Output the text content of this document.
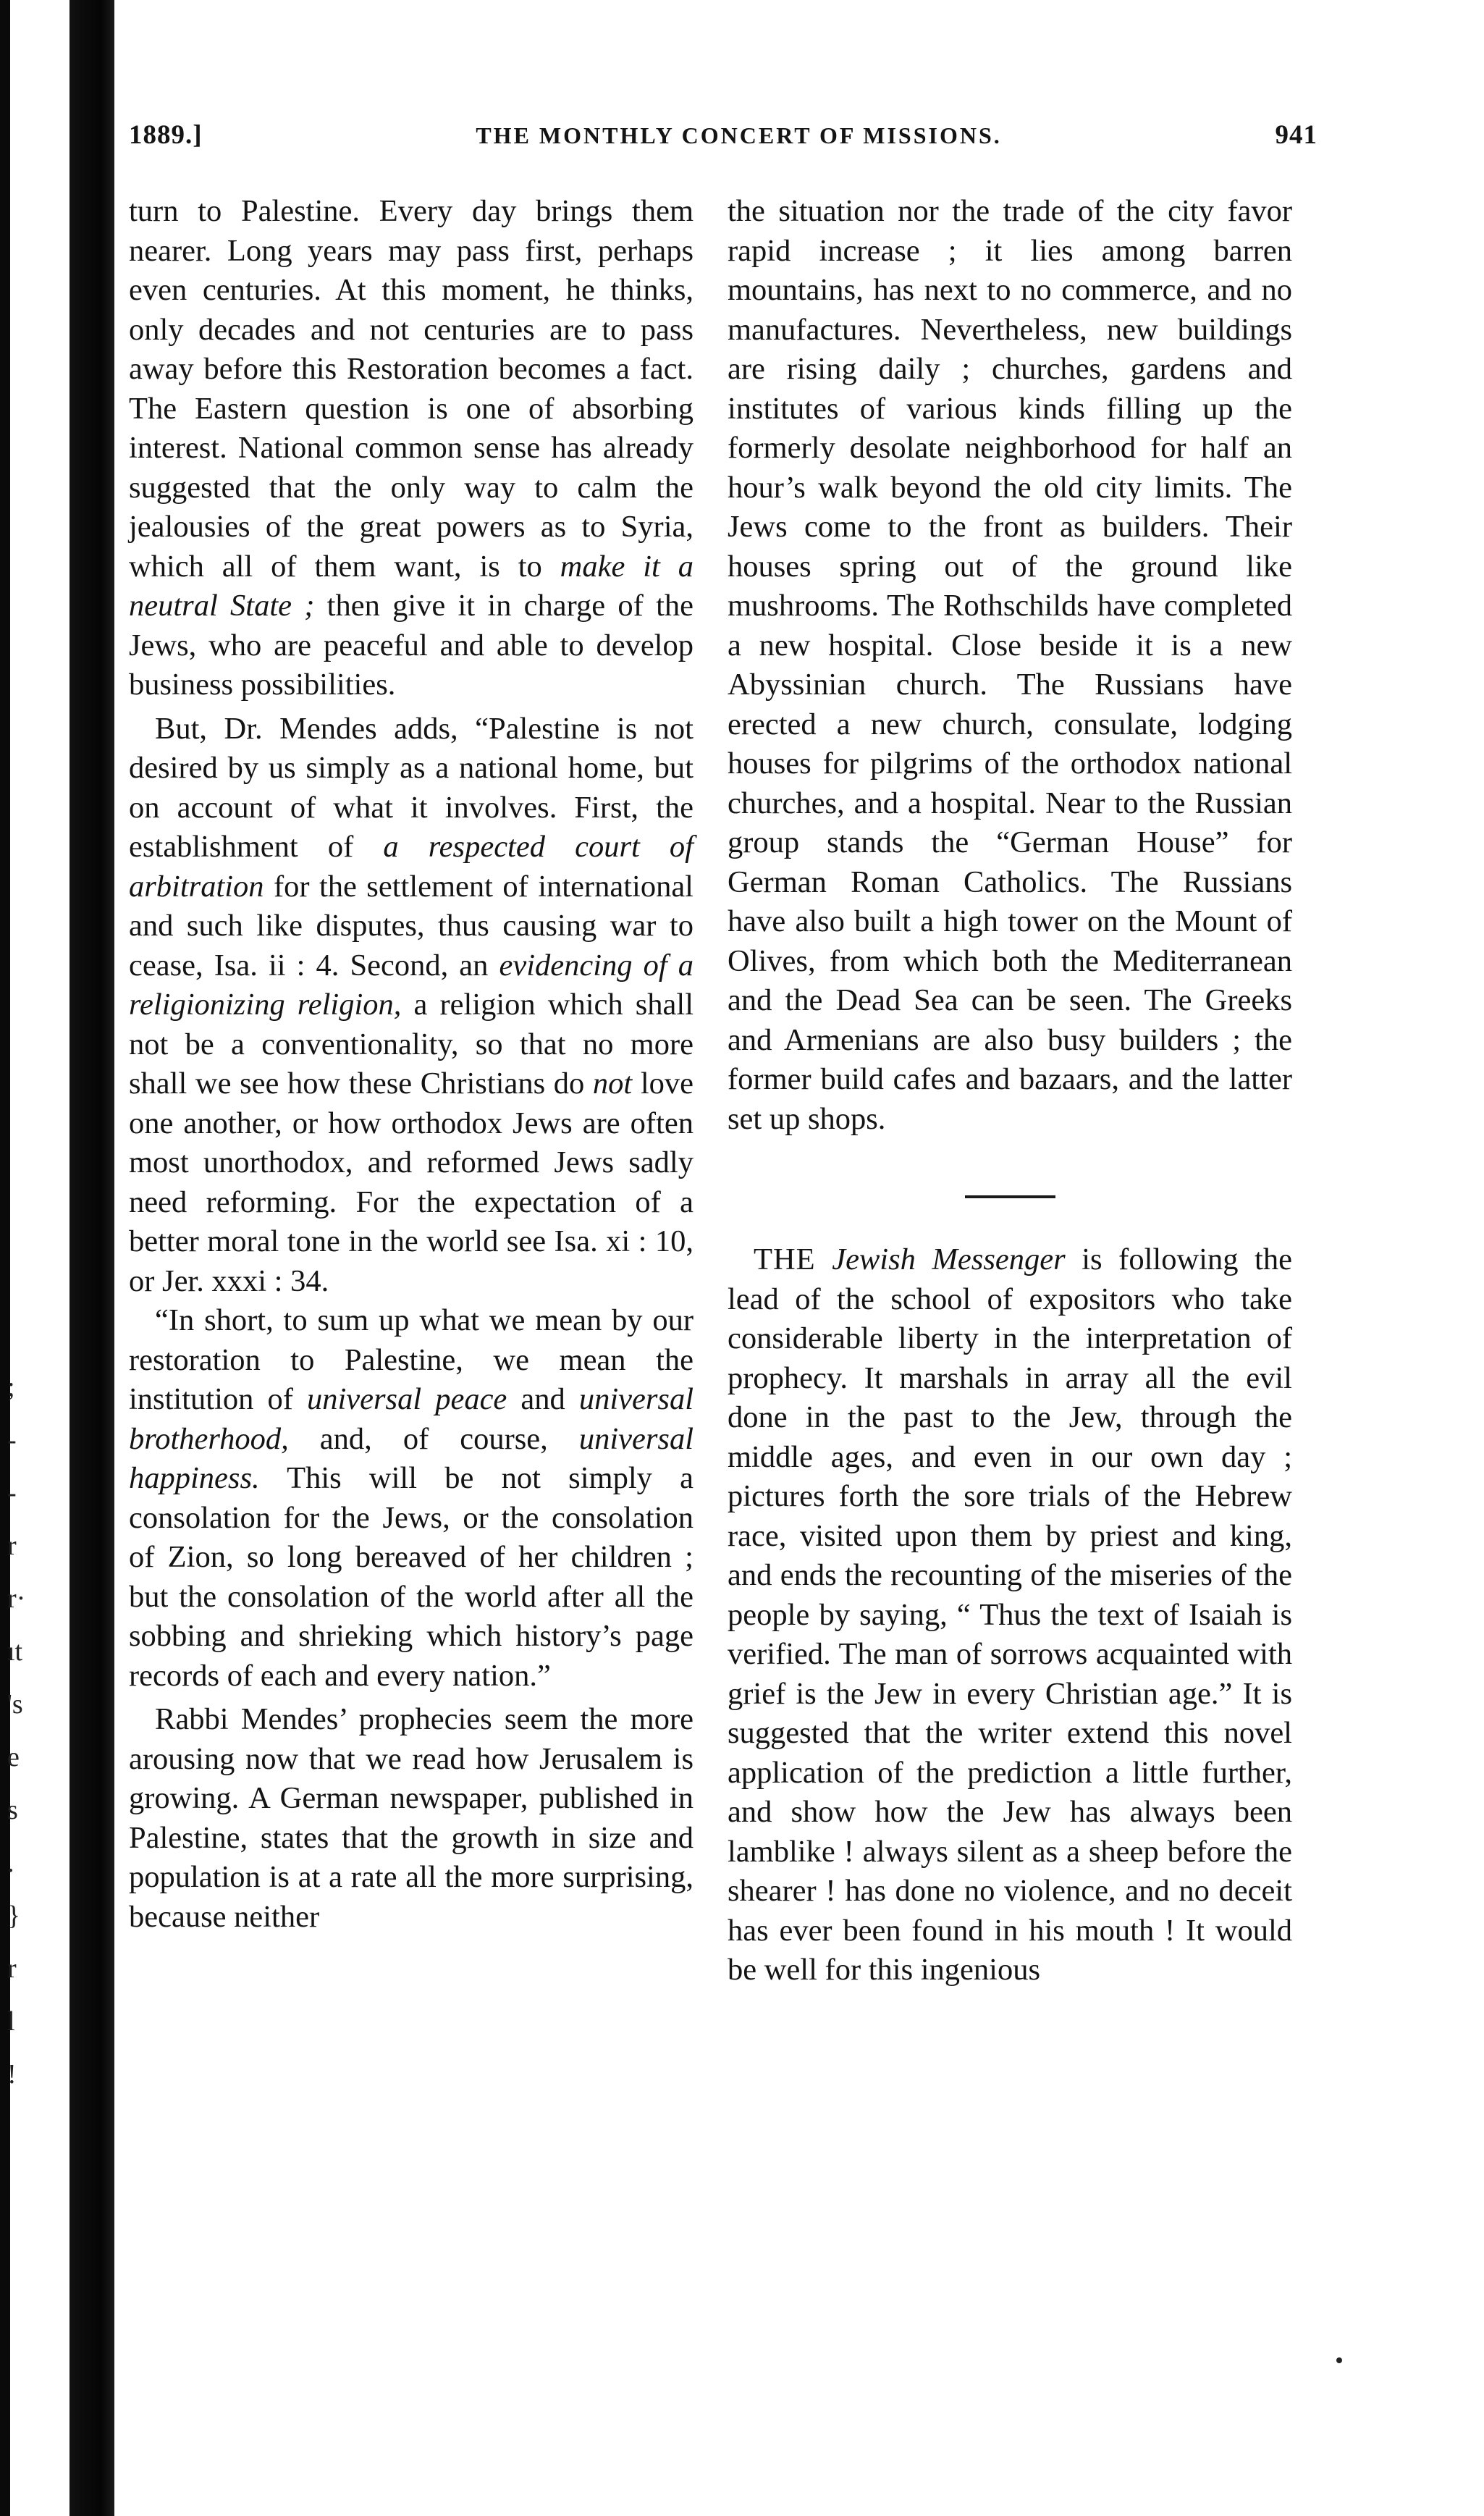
;
-
-
r
r·
ıt
's
e
s
.
}
r
l
!
1889.]	THE MONTHLY CONCERT OF MISSIONS.	941

turn to Palestine. Every day brings them nearer. Long years may pass first, perhaps even centuries. At this moment, he thinks, only decades and not centuries are to pass away before this Restoration becomes a fact. The Eastern question is one of absorbing interest. National common sense has already suggested that the only way to calm the jealousies of the great powers as to Syria, which all of them want, is to make it a neutral State ; then give it in charge of the Jews, who are peaceful and able to develop business possibilities.

But, Dr. Mendes adds, “Palestine is not desired by us simply as a national home, but on account of what it involves. First, the establishment of a respected court of arbitration for the settlement of international and such like disputes, thus causing war to cease, Isa. ii : 4. Second, an evidencing of a religionizing religion, a religion which shall not be a conventionality, so that no more shall we see how these Christians do not love one another, or how orthodox Jews are often most unorthodox, and reformed Jews sadly need reforming. For the expectation of a better moral tone in the world see Isa. xi : 10, or Jer. xxxi : 34.

“In short, to sum up what we mean by our restoration to Palestine, we mean the institution of universal peace and universal brotherhood, and, of course, universal happiness. This will be not simply a consolation for the Jews, or the consolation of Zion, so long bereaved of her children ; but the consolation of the world after all the sobbing and shrieking which history’s page records of each and every nation.”

Rabbi Mendes’ prophecies seem the more arousing now that we read how Jerusalem is growing. A German newspaper, published in Palestine, states that the growth in size and population is at a rate all the more surprising, because neither

the situation nor the trade of the city favor rapid increase ; it lies among barren mountains, has next to no commerce, and no manufactures. Nevertheless, new buildings are rising daily ; churches, gardens and institutes of various kinds filling up the formerly desolate neighborhood for half an hour’s walk beyond the old city limits. The Jews come to the front as builders. Their houses spring out of the ground like mushrooms. The Rothschilds have completed a new hospital. Close beside it is a new Abyssinian church. The Russians have erected a new church, consulate, lodging houses for pilgrims of the orthodox national churches, and a hospital. Near to the Russian group stands the “German House” for German Roman Catholics. The Russians have also built a high tower on the Mount of Olives, from which both the Mediterranean and the Dead Sea can be seen. The Greeks and Armenians are also busy builders ; the former build cafes and bazaars, and the latter set up shops.

THE Jewish Messenger is following the lead of the school of expositors who take considerable liberty in the interpretation of prophecy. It marshals in array all the evil done in the past to the Jew, through the middle ages, and even in our own day ; pictures forth the sore trials of the Hebrew race, visited upon them by priest and king, and ends the recounting of the miseries of the people by saying, “ Thus the text of Isaiah is verified. The man of sorrows acquainted with grief is the Jew in every Christian age.” It is suggested that the writer extend this novel application of the prediction a little further, and show how the Jew has always been lamblike ! always silent as a sheep before the shearer ! has done no violence, and no deceit has ever been found in his mouth ! It would be well for this ingenious
